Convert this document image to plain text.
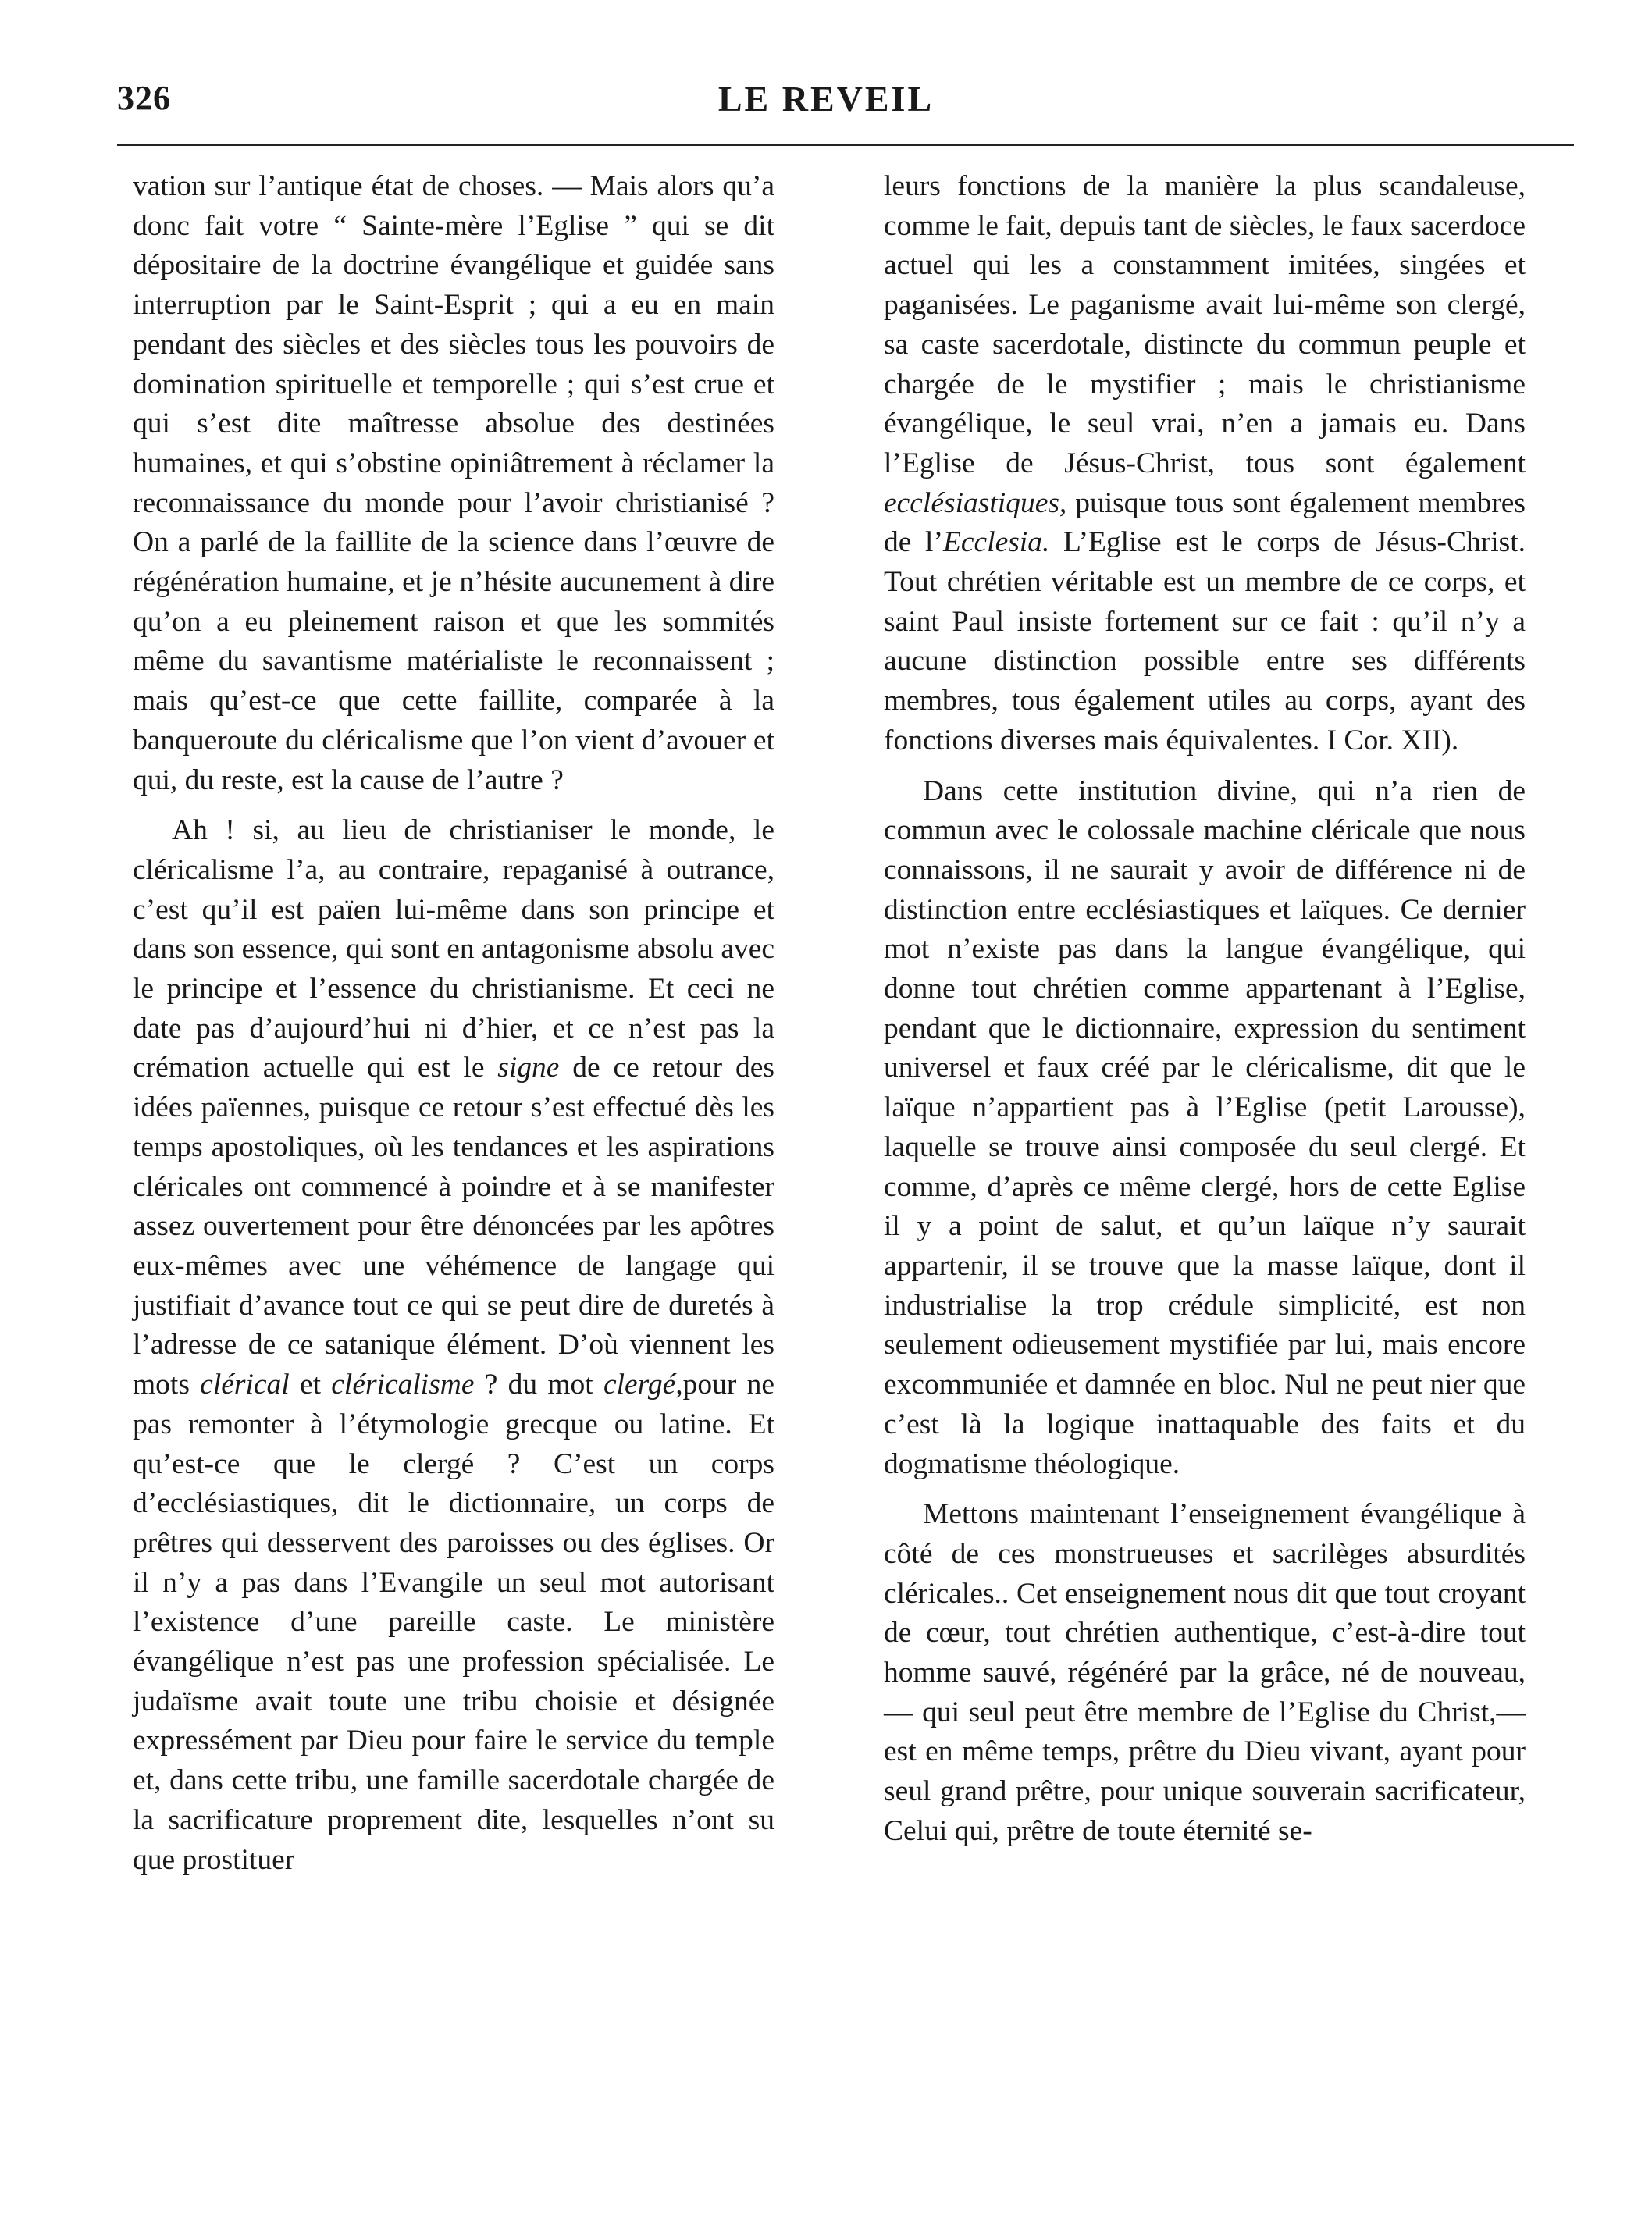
326	LE REVEIL

vation sur l’antique état de choses. — Mais alors qu’a donc fait votre “ Sainte-mère l’Eglise ” qui se dit dépositaire de la doctrine évangélique et guidée sans interruption par le Saint-Esprit ; qui a eu en main pendant des siècles et des siècles tous les pouvoirs de domination spirituelle et temporelle ; qui s’est crue et qui s’est dite maîtresse absolue des destinées humaines, et qui s’obstine opiniâtrement à réclamer la reconnaissance du monde pour l’avoir christianisé ? On a parlé de la faillite de la science dans l’œuvre de régénération humaine, et je n’hésite aucunement à dire qu’on a eu pleinement raison et que les sommités même du savantisme matérialiste le reconnaissent ; mais qu’est-ce que cette faillite, comparée à la banqueroute du cléricalisme que l’on vient d’avouer et qui, du reste, est la cause de l’autre ?

Ah ! si, au lieu de christianiser le monde, le cléricalisme l’a, au contraire, repaganisé à outrance, c’est qu’il est païen lui-même dans son principe et dans son essence, qui sont en antagonisme absolu avec le principe et l’essence du christianisme. Et ceci ne date pas d’aujourd’hui ni d’hier, et ce n’est pas la crémation actuelle qui est le signe de ce retour des idées païennes, puisque ce retour s’est effectué dès les temps apostoliques, où les tendances et les aspirations cléricales ont commencé à poindre et à se manifester assez ouvertement pour être dénoncées par les apôtres eux-mêmes avec une véhémence de langage qui justifiait d’avance tout ce qui se peut dire de duretés à l’adresse de ce satanique élément. D’où viennent les mots clérical et cléricalisme ? du mot clergé,pour ne pas remonter à l’étymologie grecque ou latine. Et qu’est-ce que le clergé ? C’est un corps d’ecclésiastiques, dit le dictionnaire, un corps de prêtres qui desservent des paroisses ou des églises. Or il n’y a pas dans l’Evangile un seul mot autorisant l’existence d’une pareille caste. Le ministère évangélique n’est pas une profession spécialisée. Le judaïsme avait toute une tribu choisie et désignée expressément par Dieu pour faire le service du temple et, dans cette tribu, une famille sacerdotale chargée de la sacrificature proprement dite, lesquelles n’ont su que prostituer

leurs fonctions de la manière la plus scandaleuse, comme le fait, depuis tant de siècles, le faux sacerdoce actuel qui les a constamment imitées, singées et paganisées. Le paganisme avait lui-même son clergé, sa caste sacerdotale, distincte du commun peuple et chargée de le mystifier ; mais le christianisme évangélique, le seul vrai, n’en a jamais eu. Dans l’Eglise de Jésus-Christ, tous sont également ecclésiastiques, puisque tous sont également membres de l’Ecclesia. L’Eglise est le corps de Jésus-Christ. Tout chrétien véritable est un membre de ce corps, et saint Paul insiste fortement sur ce fait : qu’il n’y a aucune distinction possible entre ses différents membres, tous également utiles au corps, ayant des fonctions diverses mais équivalentes. I Cor. XII).

Dans cette institution divine, qui n’a rien de commun avec le colossale machine cléricale que nous connaissons, il ne saurait y avoir de différence ni de distinction entre ecclésiastiques et laïques. Ce dernier mot n’existe pas dans la langue évangélique, qui donne tout chrétien comme appartenant à l’Eglise, pendant que le dictionnaire, expression du sentiment universel et faux créé par le cléricalisme, dit que le laïque n’appartient pas à l’Eglise (petit Larousse), laquelle se trouve ainsi composée du seul clergé. Et comme, d’après ce même clergé, hors de cette Eglise il y a point de salut, et qu’un laïque n’y saurait appartenir, il se trouve que la masse laïque, dont il industrialise la trop crédule simplicité, est non seulement odieusement mystifiée par lui, mais encore excommuniée et damnée en bloc. Nul ne peut nier que c’est là la logique inattaquable des faits et du dogmatisme théologique.

Mettons maintenant l’enseignement évangélique à côté de ces monstrueuses et sacrilèges absurdités cléricales.. Cet enseignement nous dit que tout croyant de cœur, tout chrétien authentique, c’est-à-dire tout homme sauvé, régénéré par la grâce, né de nouveau, — qui seul peut être membre de l’Eglise du Christ,—est en même temps, prêtre du Dieu vivant, ayant pour seul grand prêtre, pour unique souverain sacrificateur, Celui qui, prêtre de toute éternité se-
